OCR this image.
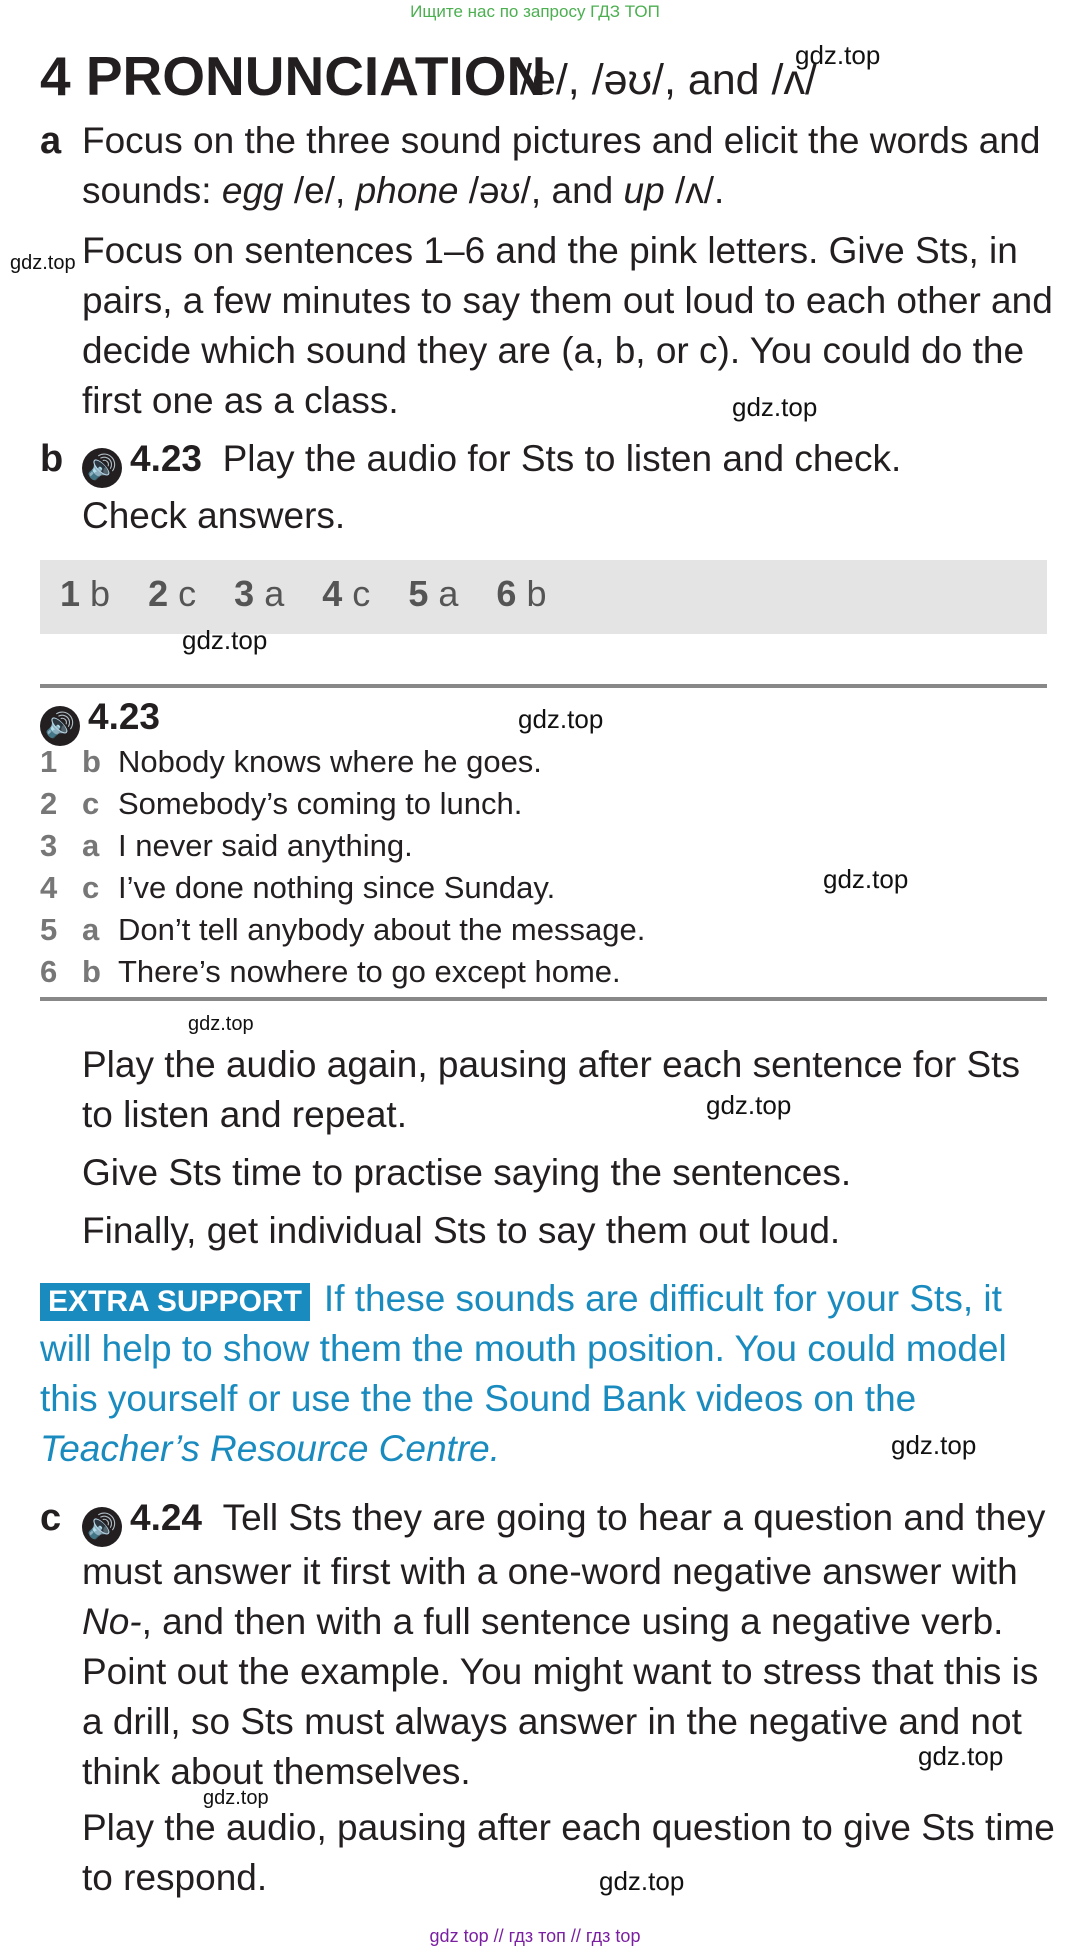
Ищите нас по запросу ГДЗ ТОП
4 PRONUNCIATION
/e/, /əʊ/, and /ʌ/
a Focus on the three sound pictures and elicit the words and sounds: egg /e/, phone /əʊ/, and up /ʌ/.
Focus on sentences 1–6 and the pink letters. Give Sts, in pairs, a few minutes to say them out loud to each other and decide which sound they are (a, b, or c). You could do the first one as a class.
b 🔊 4.23 Play the audio for Sts to listen and check.
Check answers.
1 b 2 c 3 a 4 c 5 a 6 b
🔊 4.23
1 b Nobody knows where he goes.
2 c Somebody’s coming to lunch.
3 a I never said anything.
4 c I’ve done nothing since Sunday.
5 a Don’t tell anybody about the message.
6 b There’s nowhere to go except home.
Play the audio again, pausing after each sentence for Sts to listen and repeat.
Give Sts time to practise saying the sentences.
Finally, get individual Sts to say them out loud.
EXTRA SUPPORT If these sounds are difficult for your Sts, it will help to show them the mouth position. You could model this yourself or use the the Sound Bank videos on the Teacher’s Resource Centre.
c 🔊 4.24 Tell Sts they are going to hear a question and they must answer it first with a one-word negative answer with No-, and then with a full sentence using a negative verb. Point out the example. You might want to stress that this is a drill, so Sts must always answer in the negative and not think about themselves.
Play the audio, pausing after each question to give Sts time to respond.
gdz.top
gdz.top
gdz.top
gdz.top
gdz.top
gdz.top
gdz.top
gdz.top
gdz.top
gdz.top
gdz.top
gdz.top
gdz top // гдз топ // гдз top
